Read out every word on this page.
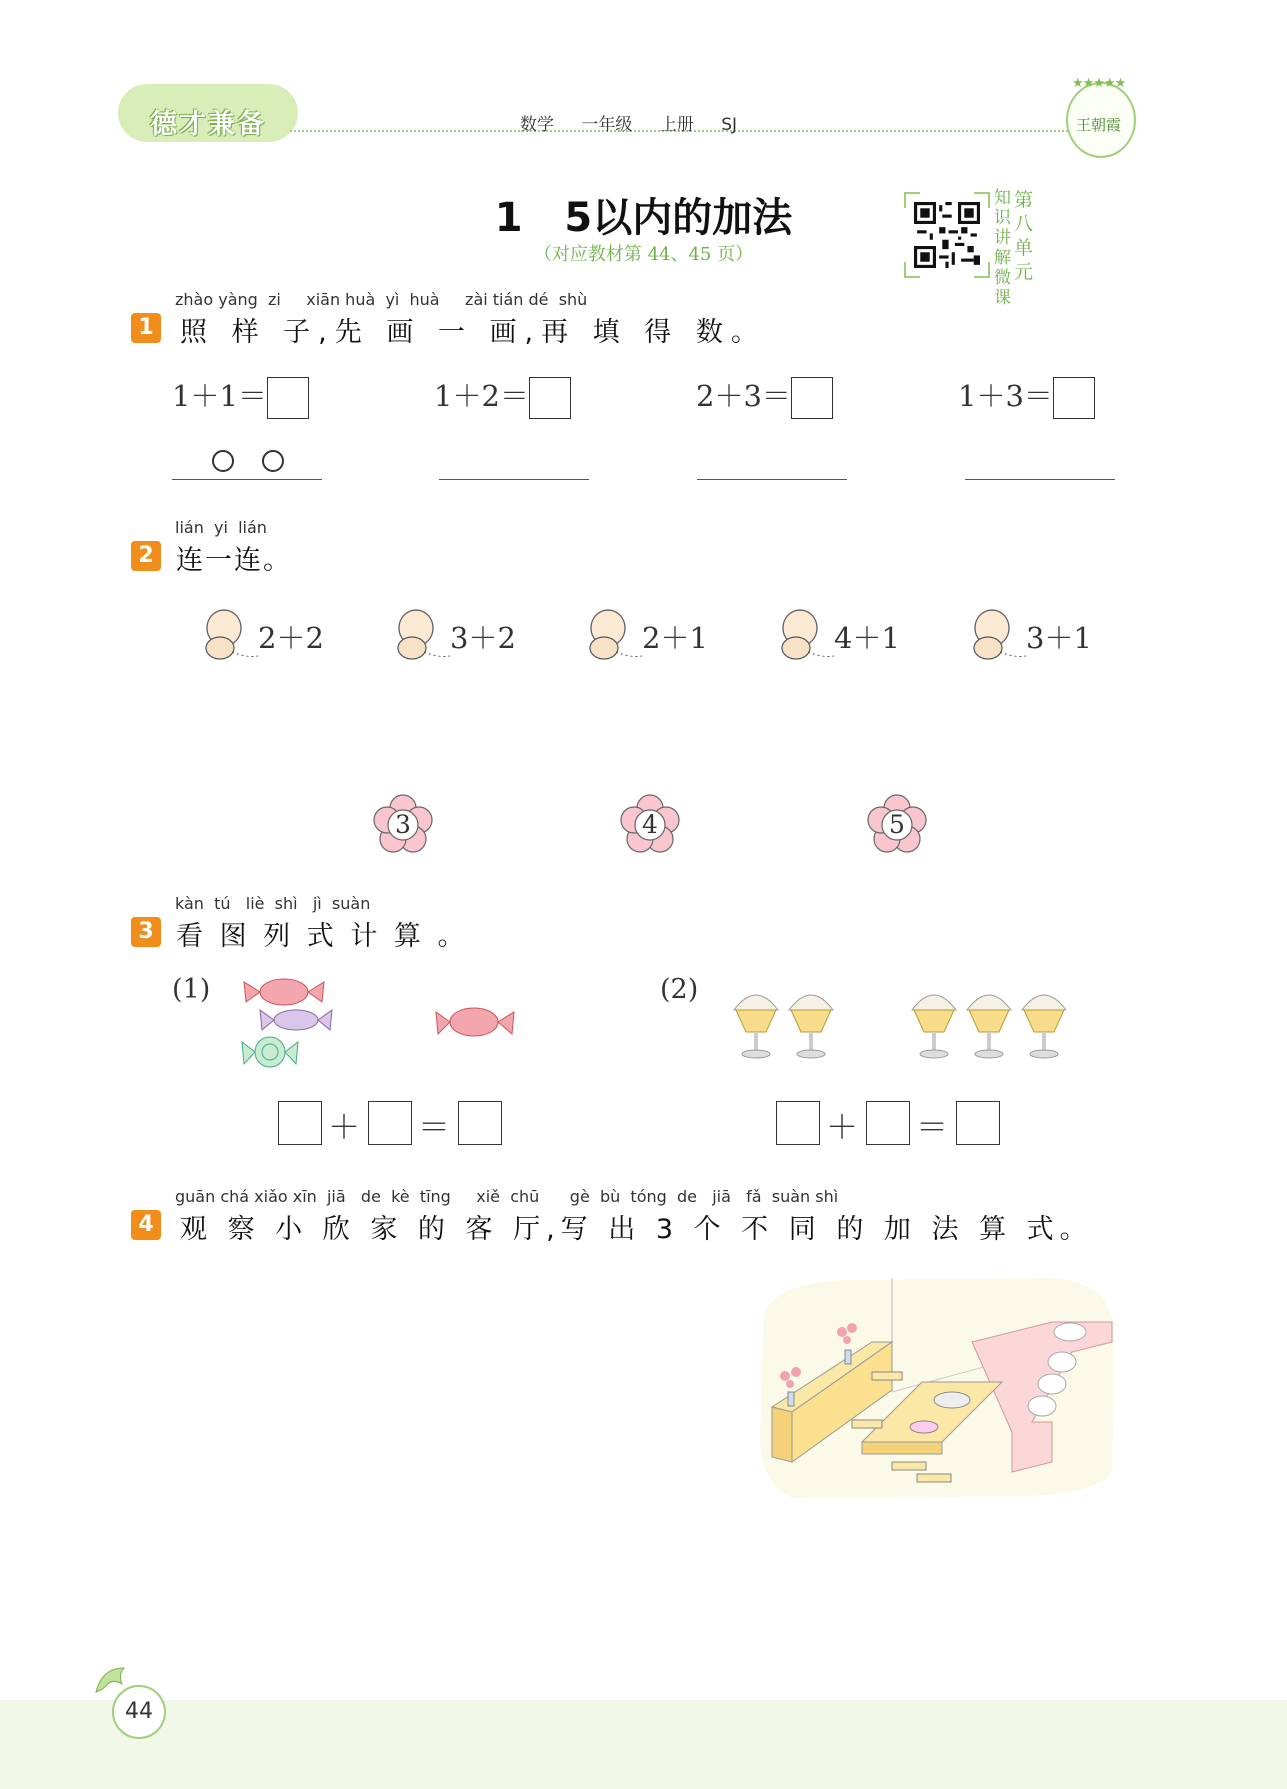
德才兼备	数学 一年级 上册 SJ
★★★★★
王朝霞
1 5以内的加法
（对应教材第 44、45 页）
知
识
讲
解
微
课
第
八
单
元
zhào yàng  zi     xiān huà  yì  huà     zài tián dé  shù
1 照 样 子,先 画 一 画,再 填 得 数。
1＋1＝	1＋2＝	2＋3＝	1＋3＝
lián  yi  lián
2 连一连。
2＋2	3＋2	2＋1	4＋1	3＋1
3	4	5
kàn  tú   liè  shì   jì  suàn
3 看 图 列 式 计 算 。
(1)	(2)
＋ ＝	＋ ＝
guān chá xiǎo xīn  jiā   de  kè  tīng     xiě  chū      gè  bù  tóng  de   jiā   fǎ  suàn shì
4 观 察 小 欣 家 的 客 厅,写 出 3 个 不 同 的 加 法 算 式。
44
